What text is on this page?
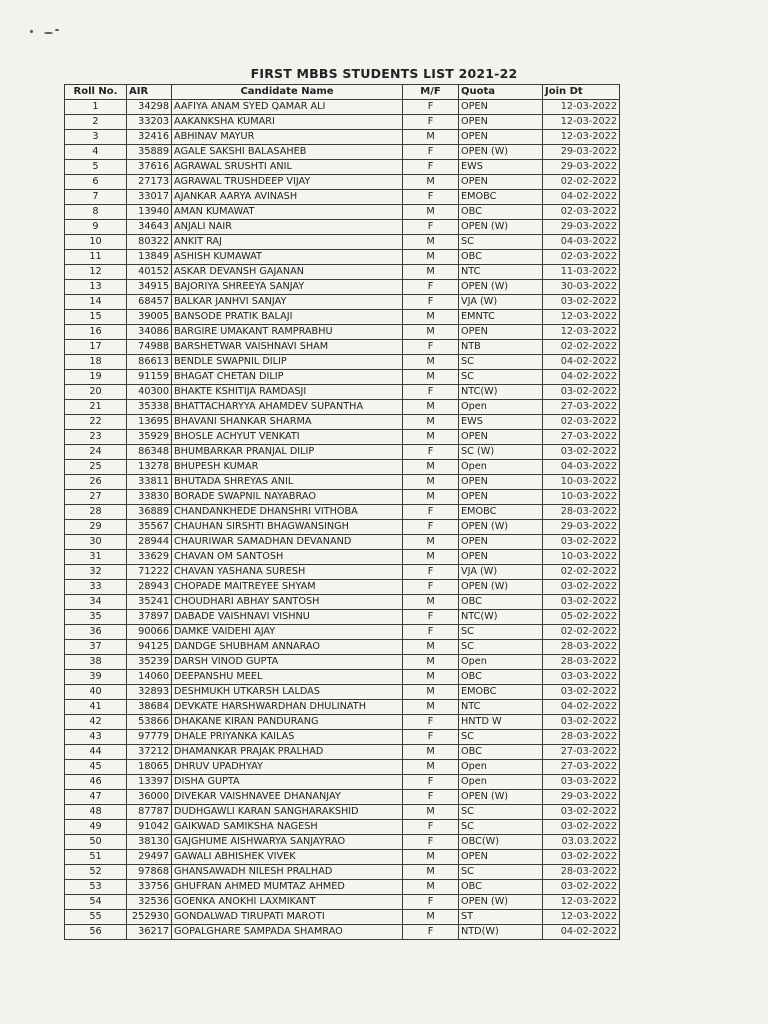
FIRST MBBS STUDENTS LIST 2021-22
Roll No.	AIR	Candidate Name	M/F	Quota	Join Dt
1	34298	AAFIYA ANAM SYED QAMAR ALI	F	OPEN	12-03-2022
2	33203	AAKANKSHA KUMARI	F	OPEN	12-03-2022
3	32416	ABHINAV MAYUR	M	OPEN	12-03-2022
4	35889	AGALE SAKSHI BALASAHEB	F	OPEN (W)	29-03-2022
5	37616	AGRAWAL SRUSHTI ANIL	F	EWS	29-03-2022
6	27173	AGRAWAL TRUSHDEEP VIJAY	M	OPEN	02-02-2022
7	33017	AJANKAR AARYA AVINASH	F	EMOBC	04-02-2022
8	13940	AMAN KUMAWAT	M	OBC	02-03-2022
9	34643	ANJALI NAIR	F	OPEN (W)	29-03-2022
10	80322	ANKIT RAJ	M	SC	04-03-2022
11	13849	ASHISH KUMAWAT	M	OBC	02-03-2022
12	40152	ASKAR DEVANSH GAJANAN	M	NTC	11-03-2022
13	34915	BAJORIYA SHREEYA SANJAY	F	OPEN (W)	30-03-2022
14	68457	BALKAR JANHVI SANJAY	F	VJA (W)	03-02-2022
15	39005	BANSODE PRATIK BALAJI	M	EMNTC	12-03-2022
16	34086	BARGIRE UMAKANT RAMPRABHU	M	OPEN	12-03-2022
17	74988	BARSHETWAR VAISHNAVI SHAM	F	NTB	02-02-2022
18	86613	BENDLE SWAPNIL DILIP	M	SC	04-02-2022
19	91159	BHAGAT CHETAN DILIP	M	SC	04-02-2022
20	40300	BHAKTE KSHITIJA RAMDASJI	F	NTC(W)	03-02-2022
21	35338	BHATTACHARYYA AHAMDEV SUPANTHA	M	Open	27-03-2022
22	13695	BHAVANI SHANKAR SHARMA	M	EWS	02-03-2022
23	35929	BHOSLE ACHYUT VENKATI	M	OPEN	27-03-2022
24	86348	BHUMBARKAR PRANJAL DILIP	F	SC (W)	03-02-2022
25	13278	BHUPESH KUMAR	M	Open	04-03-2022
26	33811	BHUTADA SHREYAS ANIL	M	OPEN	10-03-2022
27	33830	BORADE SWAPNIL NAYABRAO	M	OPEN	10-03-2022
28	36889	CHANDANKHEDE DHANSHRI VITHOBA	F	EMOBC	28-03-2022
29	35567	CHAUHAN SIRSHTI BHAGWANSINGH	F	OPEN (W)	29-03-2022
30	28944	CHAURIWAR SAMADHAN DEVANAND	M	OPEN	03-02-2022
31	33629	CHAVAN OM SANTOSH	M	OPEN	10-03-2022
32	71222	CHAVAN YASHANA SURESH	F	VJA (W)	02-02-2022
33	28943	CHOPADE MAITREYEE SHYAM	F	OPEN (W)	03-02-2022
34	35241	CHOUDHARI ABHAY SANTOSH	M	OBC	03-02-2022
35	37897	DABADE VAISHNAVI VISHNU	F	NTC(W)	05-02-2022
36	90066	DAMKE VAIDEHI AJAY	F	SC	02-02-2022
37	94125	DANDGE SHUBHAM ANNARAO	M	SC	28-03-2022
38	35239	DARSH VINOD GUPTA	M	Open	28-03-2022
39	14060	DEEPANSHU MEEL	M	OBC	03-03-2022
40	32893	DESHMUKH UTKARSH LALDAS	M	EMOBC	03-02-2022
41	38684	DEVKATE HARSHWARDHAN DHULINATH	M	NTC	04-02-2022
42	53866	DHAKANE KIRAN PANDURANG	F	HNTD W	03-02-2022
43	97779	DHALE PRIYANKA KAILAS	F	SC	28-03-2022
44	37212	DHAMANKAR PRAJAK PRALHAD	M	OBC	27-03-2022
45	18065	DHRUV UPADHYAY	M	Open	27-03-2022
46	13397	DISHA GUPTA	F	Open	03-03-2022
47	36000	DIVEKAR VAISHNAVEE DHANANJAY	F	OPEN (W)	29-03-2022
48	87787	DUDHGAWLI KARAN SANGHARAKSHID	M	SC	03-02-2022
49	91042	GAIKWAD SAMIKSHA NAGESH	F	SC	03-02-2022
50	38130	GAJGHUME AISHWARYA SANJAYRAO	F	OBC(W)	03.03.2022
51	29497	GAWALI ABHISHEK VIVEK	M	OPEN	03-02-2022
52	97868	GHANSAWADH NILESH PRALHAD	M	SC	28-03-2022
53	33756	GHUFRAN AHMED MUMTAZ AHMED	M	OBC	03-02-2022
54	32536	GOENKA ANOKHI LAXMIKANT	F	OPEN (W)	12-03-2022
55	252930	GONDALWAD TIRUPATI MAROTI	M	ST	12-03-2022
56	36217	GOPALGHARE SAMPADA SHAMRAO	F	NTD(W)	04-02-2022
